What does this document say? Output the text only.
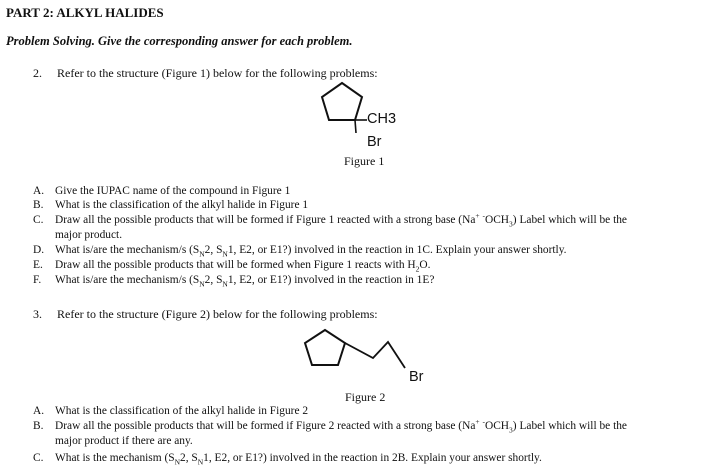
PART 2: ALKYL HALIDES
Problem Solving. Give the corresponding answer for each problem.
2. Refer to the structure (Figure 1) below for the following problems:
CH3
Br
Figure 1
A. Give the IUPAC name of the compound in Figure 1
B. What is the classification of the alkyl halide in Figure 1
C. Draw all the possible products that will be formed if Figure 1 reacted with a strong base (Na+ $^-OCH_3$) Label which will be the
major product.
D. What is/are the mechanism/s ($S_N2$, $S_N1$, E2, or E1?) involved in the reaction in 1C. Explain your answer shortly.
E. Draw all the possible products that will be formed when Figure 1 reacts with $H_2O$.
F. What is/are the mechanism/s ($S_N2$, $S_N1$, E2, or E1?) involved in the reaction in 1E?
3. Refer to the structure (Figure 2) below for the following problems:
Br
Figure 2
A. What is the classification of the alkyl halide in Figure 2
B. Draw all the possible products that will be formed if Figure 2 reacted with a strong base (Na+ $^-OCH_3$) Label which will be the
major product if there are any.
C. What is the mechanism ($S_N2$, $S_N1$, E2, or E1?) involved in the reaction in 2B. Explain your answer shortly.
